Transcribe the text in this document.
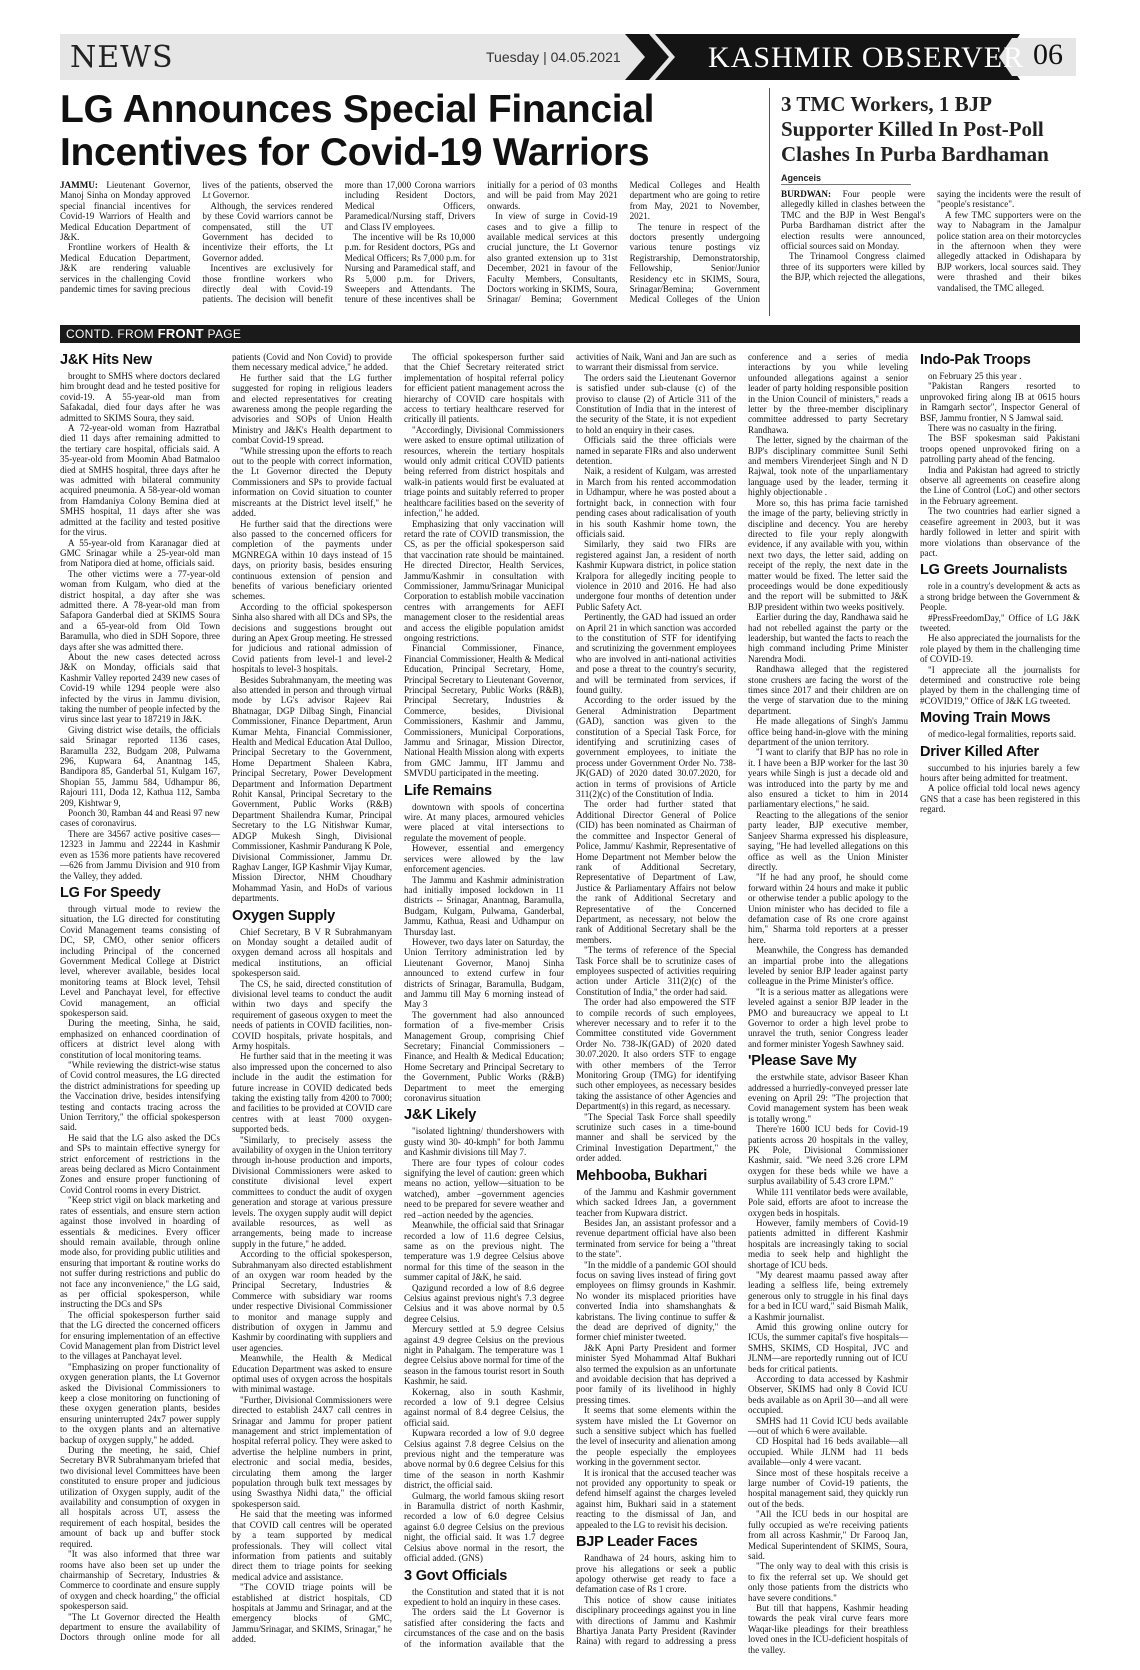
NEWS	Tuesday | 04.05.2021	KASHMIR OBSERVER 06
LG Announces Special Financial Incentives for Covid-19 Warriors

JAMMU: Lieutenant Governor, Manoj Sinha on Monday approved special financial incentives for Covid-19 Warriors of Health and Medical Education Department of J&K.

Frontline workers of Health & Medical Education Department, J&K are rendering valuable services in the challenging Covid pandemic times for saving precious lives of the patients, observed the Lt Governor.

Although, the services rendered by these Covid warriors cannot be compensated, still the UT Government has decided to incentivize their efforts, the Lt Governor added.

Incentives are exclusively for those frontline workers who directly deal with Covid-19 patients. The decision will benefit more than 17,000 Corona warriors including Resident Doctors, Medical Officers, Paramedical/Nursing staff, Drivers and Class IV employees.

The incentive will be Rs 10,000 p.m. for Resident doctors, PGs and Medical Officers; Rs 7,000 p.m. for Nursing and Paramedical staff, and Rs 5,000 p.m. for Drivers, Sweepers and Attendants. The tenure of these incentives shall be initially for a period of 03 months and will be paid from May 2021 onwards.

In view of surge in Covid-19 cases and to give a fillip to available medical services at this crucial juncture, the Lt Governor also granted extension up to 31st December, 2021 in favour of the Faculty Members, Consultants, Doctors working in SKIMS, Soura, Srinagar/ Bemina; Government Medical Colleges and Health department who are going to retire from May, 2021 to November, 2021.

The tenure in respect of the doctors presently undergoing various tenure postings viz Registrarship, Demonstratorship, Fellowship, Senior/Junior Residency etc in SKIMS, Soura, Srinagar/Bemina; Government Medical Colleges of the Union

3 TMC Workers, 1 BJP Supporter Killed In Post-Poll Clashes In Purba Bardhaman
Agenceis

BURDWAN: Four people were allegedly killed in clashes between the TMC and the BJP in West Bengal's Purba Bardhaman district after the election results were announced, official sources said on Monday.

The Trinamool Congress claimed three of its supporters were killed by the BJP, which rejected the allegations, saying the incidents were the result of "people's resistance".

A few TMC supporters were on the way to Nabagram in the Jamalpur police station area on their motorcycles in the afternoon when they were allegedly attacked in Odishapara by BJP workers, local sources said. They were thrashed and their bikes vandalised, the TMC alleged.

CONTD. FROM FRONT PAGE
J&K Hits New

brought to SMHS where doctors declared him brought dead and he tested positive for covid-19. A 55-year-old man from Safakadal, died four days after he was admitted to SKIMS Soura, they said.

A 72-year-old woman from Hazratbal died 11 days after remaining admitted to the tertiary care hospital, officials said. A 35-year-old from Moomin Abad Batmaloo died at SMHS hospital, three days after he was admitted with bilateral community acquired pneumonia. A 58-year-old woman from Hamdaniya Colony Bemina died at SMHS hospital, 11 days after she was admitted at the facility and tested positive for the virus.

A 55-year-old from Karanagar died at GMC Srinagar while a 25-year-old man from Natipora died at home, officials said.

The other victims were a 77-year-old woman from Kulgam, who died at the district hospital, a day after she was admitted there. A 78-year-old man from Safapora Ganderbal died at SKIMS Soura and a 65-year-old from Old Town Baramulla, who died in SDH Sopore, three days after she was admitted there.

About the new cases detected across J&K on Monday, officials said that Kashmir Valley reported 2439 new cases of Covid-19 while 1294 people were also infected by the virus in Jammu division, taking the number of people infected by the virus since last year to 187219 in J&K.

Giving district wise details, the officials said Srinagar reported 1136 cases, Baramulla 232, Budgam 208, Pulwama 296, Kupwara 64, Anantnag 145, Bandipora 85, Ganderbal 51, Kulgam 167, Shopian 55, Jammu 584, Udhampur 86, Rajouri 111, Doda 12, Kathua 112, Samba 209, Kishtwar 9,

Poonch 30, Ramban 44 and Reasi 97 new cases of coronavirus.

There are 34567 active positive cases—12323 in Jammu and 22244 in Kashmir even as 1536 more patients have recovered—626 from Jammu Division and 910 from the Valley, they added.

LG For Speedy

through virtual mode to review the situation, the LG directed for constituting Covid Management teams consisting of DC, SP, CMO, other senior officers including Principal of the concerned Government Medical College at District level, wherever available, besides local monitoring teams at Block level, Tehsil Level and Panchayat level, for effective Covid management, an official spokesperson said.

During the meeting, Sinha, he said, emphasized on enhanced coordination of officers at district level along with constitution of local monitoring teams.

"While reviewing the district-wise status of Covid control measures, the LG directed the district administrations for speeding up the Vaccination drive, besides intensifying testing and contacts tracing across the Union Territory," the official spokesperson said.

He said that the LG also asked the DCs and SPs to maintain effective synergy for strict enforcement of restrictions in the areas being declared as Micro Containment Zones and ensure proper functioning of Covid Control rooms in every District.

"Keep strict vigil on black marketing and rates of essentials, and ensure stern action against those involved in hoarding of essentials & medicines. Every officer should remain available, through online mode also, for providing public utilities and ensuring that important & routine works do not suffer during restrictions and public do not face any inconvenience," the LG said, as per official spokesperson, while instructing the DCs and SPs

The official spokesperson further said that the LG directed the concerned officers for ensuring implementation of an effective Covid Management plan from District level to the villages at Panchayat level.

"Emphasizing on proper functionality of oxygen generation plants, the Lt Governor asked the Divisional Commissioners to keep a close monitoring on functioning of these oxygen generation plants, besides ensuring uninterrupted 24x7 power supply to the oxygen plants and an alternative backup of oxygen supply," he added.

During the meeting, he said, Chief Secretary BVR Subrahmanyam briefed that two divisional level Committees have been constituted to ensure proper and judicious utilization of Oxygen supply, audit of the availability and consumption of oxygen in all hospitals across UT, assess the requirement of each hospital, besides the amount of back up and buffer stock required.

"It was also informed that three war rooms have also been set up under the chairmanship of Secretary, Industries & Commerce to coordinate and ensure supply of oxygen and check hoarding," the official spokesperson said.

"The Lt Governor directed the Health department to ensure the availability of Doctors through online mode for all patients (Covid and Non Covid) to provide them necessary medical advice," he added.

He further said that the LG further suggested for roping in religious leaders and elected representatives for creating awareness among the people regarding the advisories and SOPs of Union Health Ministry and J&K's Health department to combat Covid-19 spread.

"While stressing upon the efforts to reach out to the people with correct information, the Lt Governor directed the Deputy Commissioners and SPs to provide factual information on Covid situation to counter miscreants at the District level itself," he added.

He further said that the directions were also passed to the concerned officers for completion of the payments under MGNREGA within 10 days instead of 15 days, on priority basis, besides ensuring continuous extension of pension and benefits of various beneficiary oriented schemes.

According to the official spokesperson Sinha also shared with all DCs and SPs, the decisions and suggestions brought out during an Apex Group meeting. He stressed for judicious and rational admission of Covid patients from level-1 and level-2 hospitals to level-3 hospitals.

Besides Subrahmanyam, the meeting was also attended in person and through virtual mode by LG's advisor Rajeev Rai Bhatnagar, DGP Dilbag Singh, Financial Commissioner, Finance Department, Arun Kumar Mehta, Financial Commissioner, Health and Medical Education Atal Dulloo, Principal Secretary to the Government, Home Department Shaleen Kabra, Principal Secretary, Power Development Department and Information Department Rohit Kansal, Principal Secretary to the Government, Public Works (R&B) Department Shailendra Kumar, Principal Secretary to the LG Nitishwar Kumar, ADGP Mukesh Singh, Divisional Commissioner, Kashmir Pandurang K Pole, Divisional Commissioner, Jammu Dr. Raghav Langer, IGP Kashmir Vijay Kumar, Mission Director, NHM Choudhary Mohammad Yasin, and HoDs of various departments.

Oxygen Supply

Chief Secretary, B V R Subrahmanyam on Monday sought a detailed audit of oxygen demand across all hospitals and medical institutions, an official spokesperson said.

The CS, he said, directed constitution of divisional level teams to conduct the audit within two days and specify the requirement of gaseous oxygen to meet the needs of patients in COVID facilities, non-COVID hospitals, private hospitals, and Army hospitals.

He further said that in the meeting it was also impressed upon the concerned to also include in the audit the estimation for future increase in COVID dedicated beds taking the existing tally from 4200 to 7000; and facilities to be provided at COVID care centres with at least 7000 oxygen-supported beds.

"Similarly, to precisely assess the availability of oxygen in the Union territory through in-house production and imports, Divisional Commissioners were asked to constitute divisional level expert committees to conduct the audit of oxygen generation and storage at various pressure levels. The oxygen supply audit will depict available resources, as well as arrangements, being made to increase supply in the future," he added.

According to the official spokesperson, Subrahmanyam also directed establishment of an oxygen war room headed by the Principal Secretary, Industries & Commerce with subsidiary war rooms under respective Divisional Commissioner to monitor and manage supply and distribution of oxygen in Jammu and Kashmir by coordinating with suppliers and user agencies.

Meanwhile, the Health & Medical Education Department was asked to ensure optimal uses of oxygen across the hospitals with minimal wastage.

"Further, Divisional Commissioners were directed to establish 24X7 call centres in Srinagar and Jammu for proper patient management and strict implementation of hospital referral policy. They were asked to advertise the helpline numbers in print, electronic and social media, besides, circulating them among the larger population through bulk text messages by using Swasthya Nidhi data," the official spokesperson said.

He said that the meeting was informed that COVID call centres will be operated by a team supported by medical professionals. They will collect vital information from patients and suitably direct them to triage points for seeking medical advice and assistance.

"The COVID triage points will be established at district hospitals, CD hospitals at Jammu and Srinagar, and at the emergency blocks of GMC, Jammu/Srinagar, and SKIMS, Srinagar," he added.

The official spokesperson further said that the Chief Secretary reiterated strict implementation of hospital referral policy for efficient patient management across the hierarchy of COVID care hospitals with access to tertiary healthcare reserved for critically ill patients.

"Accordingly, Divisional Commissioners were asked to ensure optimal utilization of resources, wherein the tertiary hospitals would only admit critical COVID patients being referred from district hospitals and walk-in patients would first be evaluated at triage points and suitably referred to proper healthcare facilities based on the severity of infection," he added.

Emphasizing that only vaccination will retard the rate of COVID transmission, the CS, as per the official spokesperson said that vaccination rate should be maintained. He directed Director, Health Services, Jammu/Kashmir in consultation with Commissioner, Jammu/Srinagar Municipal Corporation to establish mobile vaccination centres with arrangements for AEFI management closer to the residential areas and access the eligible population amidst ongoing restrictions.

Financial Commissioner, Finance, Financial Commissioner, Health & Medical Education, Principal Secretary, Home, Principal Secretary to Lieutenant Governor, Principal Secretary, Public Works (R&B), Principal Secretary, Industries & Commerce, besides, Divisional Commissioners, Kashmir and Jammu, Commissioners, Municipal Corporations, Jammu and Srinagar, Mission Director, National Health Mission along with experts from GMC Jammu, IIT Jammu and SMVDU participated in the meeting.

Life Remains

downtown with spools of concertina wire. At many places, armoured vehicles were placed at vital intersections to regulate the movement of people.

However, essential and emergency services were allowed by the law enforcement agencies.

The Jammu and Kashmir administration had initially imposed lockdown in 11 districts -- Srinagar, Anantnag, Baramulla, Budgam, Kulgam, Pulwama, Ganderbal, Jammu, Kathua, Reasi and Udhampur on Thursday last.

However, two days later on Saturday, the Union Territory administration led by Lieutenant Governor, Manoj Sinha announced to extend curfew in four districts of Srinagar, Baramulla, Budgam, and Jammu till May 6 morning instead of May 3

The government had also announced formation of a five-member Crisis Management Group, comprising Chief Secretary; Financial Commissioners – Finance, and Health & Medical Education; Home Secretary and Principal Secretary to the Government, Public Works (R&B) Department to meet the emerging coronavirus situation

J&K Likely

"isolated lightning/ thundershowers with gusty wind 30- 40-kmph" for both Jammu and Kashmir divisions till May 7.

There are four types of colour codes signifying the level of caution: green which means no action, yellow—situation to be watched), amber –government agencies need to be prepared for severe weather and red –action needed by the agencies.

Meanwhile, the official said that Srinagar recorded a low of 11.6 degree Celsius, same as on the previous night. The temperature was 1.9 degree Celsius above normal for this time of the season in the summer capital of J&K, he said.

Qazigund recorded a low of 8.6 degree Celsius against previous night's 7.3 degree Celsius and it was above normal by 0.5 degree Celsius.

Mercury settled at 5.9 degree Celsius against 4.9 degree Celsius on the previous night in Pahalgam. The temperature was 1 degree Celsius above normal for time of the season in the famous tourist resort in South Kashmir, he said.

Kokernag, also in south Kashmir, recorded a low of 9.1 degree Celsius against normal of 8.4 degree Celsius, the official said.

Kupwara recorded a low of 9.0 degree Celsius against 7.8 degree Celsius on the previous night and the temperature was above normal by 0.6 degree Celsius for this time of the season in north Kashmir district, the official said.

Gulmarg, the world famous skiing resort in Baramulla district of north Kashmir, recorded a low of 6.0 degree Celsius against 6.0 degree Celsius on the previous night, the official said. It was 1.7 degree Celsius above normal in the resort, the official added. (GNS)

3 Govt Officials

the Constitution and stated that it is not expedient to hold an inquiry in these cases.

The orders said the Lt Governor is satisfied after considering the facts and circumstances of the case and on the basis of the information available that the activities of Naik, Wani and Jan are such as to warrant their dismissal from service.

The orders said the Lieutenant Governor is satisfied under sub-clause (c) of the proviso to clause (2) of Article 311 of the Constitution of India that in the interest of the security of the State, it is not expedient to hold an enquiry in their cases.

Officials said the three officials were named in separate FIRs and also underwent detention.

Naik, a resident of Kulgam, was arrested in March from his rented accommodation in Udhampur, where he was posted about a fortnight back, in connection with four pending cases about radicalisation of youth in his south Kashmir home town, the officials said.

Similarly, they said two FIRs are registered against Jan, a resident of north Kashmir Kupwara district, in police station Kralpora for allegedly inciting people to violence in 2010 and 2016. He had also undergone four months of detention under Public Safety Act.

Pertinently, the GAD had issued an order on April 21 in which sanction was accorded to the constitution of STF for identifying and scrutinizing the government employees who are involved in anti-national activities and pose a threat to the country's security, and will be terminated from services, if found guilty.

According to the order issued by the General Administration Department (GAD), sanction was given to the constitution of a Special Task Force, for identifying and scrutinizing cases of government employees, to initiate the process under Government Order No. 738-JK(GAD) of 2020 dated 30.07.2020, for action in terms of provisions of Article 311(2)(c) of the Constitution of India.

The order had further stated that Additional Director General of Police (CID) has been nominated as Chairman of the committee and Inspector General of Police, Jammu/ Kashmir, Representative of Home Department not Member below the rank of Additional Secretary, Representative of Department of Law, Justice & Parliamentary Affairs not below the rank of Additional Secretary and Representative of the Concerned Department, as necessary, not below the rank of Additional Secretary shall be the members.

"The terms of reference of the Special Task Force shall be to scrutinize cases of employees suspected of activities requiring action under Article 311(2)(c) of the Constitution of India," the order had said.

The order had also empowered the STF to compile records of such employees, wherever necessary and to refer it to the Committee constituted vide Government Order No. 738-JK(GAD) of 2020 dated 30.07.2020. It also orders STF to engage with other members of the Terror Monitoring Group (TMG) for identifying such other employees, as necessary besides taking the assistance of other Agencies and Department(s) in this regard, as necessary.

"The Special Task Force shall speedily scrutinize such cases in a time-bound manner and shall be serviced by the Criminal Investigation Department," the order added.

Mehbooba, Bukhari

of the Jammu and Kashmir government which sacked Idrees Jan, a government teacher from Kupwara district.

Besides Jan, an assistant professor and a revenue department official have also been terminated from service for being a "threat to the state".

"In the middle of a pandemic GOI should focus on saving lives instead of firing govt employees on flimsy grounds in Kashmir. No wonder its misplaced priorities have converted India into shamshanghats & kabristans. The living continue to suffer & the dead are deprived of dignity," the former chief minister tweeted.

J&K Apni Party President and former minister Syed Mohammad Altaf Bukhari also termed the expulsion as an unfortunate and avoidable decision that has deprived a poor family of its livelihood in highly pressing times.

It seems that some elements within the system have misled the Lt Governor on such a sensitive subject which has fuelled the level of insecurity and alienation among the people especially the employees working in the government sector.

It is ironical that the accused teacher was not provided any opportunity to speak or defend himself against the charges leveled against him, Bukhari said in a statement reacting to the dismissal of Jan, and appealed to the LG to revisit his decision.

BJP Leader Faces

Randhawa of 24 hours, asking him to prove his allegations or seek a public apology otherwise get ready to face a defamation case of Rs 1 crore.

This notice of show cause initiates disciplinary proceedings against you in line with directions of Jammu and Kashmir Bhartiya Janata Party President (Ravinder Raina) with regard to addressing a press conference and a series of media interactions by you while leveling unfounded allegations against a senior leader of party holding responsible position in the Union Council of ministers," reads a letter by the three-member disciplinary committee addressed to party Secretary Randhawa.

The letter, signed by the chairman of the BJP's disciplinary committee Sunil Sethi and members Virenderjeet Singh and N D Rajwal, took note of the unparliamentary language used by the leader, terming it highly objectionable .

More so, this has prima facie tarnished the image of the party, believing strictly in discipline and decency. You are hereby directed to file your reply alongwith evidence, if any available with you, within next two days, the letter said, adding on receipt of the reply, the next date in the matter would be fixed. The letter said the proceedings would be done expeditiously and the report will be submitted to J&K BJP president within two weeks positively.

Earlier during the day, Randhawa said he had not rebelled against the party or the leadership, but wanted the facts to reach the high command including Prime Minister Narendra Modi.

Randhawa alleged that the registered stone crushers are facing the worst of the times since 2017 and their children are on the verge of starvation due to the mining department.

He made allegations of Singh's Jammu office being hand-in-glove with the mining department of the union territory.

"I want to clarify that BJP has no role in it. I have been a BJP worker for the last 30 years while Singh is just a decade old and was introduced into the party by me and also ensured a ticket to him in 2014 parliamentary elections," he said.

Reacting to the allegations of the senior party leader, BJP executive member, Sanjeev Sharma expressed his displeasure, saying, "He had levelled allegations on this office as well as the Union Minister directly.

"If he had any proof, he should come forward within 24 hours and make it public or otherwise tender a public apology to the Union minister who has decided to file a defamation case of Rs one crore against him," Sharma told reporters at a presser here.

Meanwhile, the Congress has demanded an impartial probe into the allegations leveled by senior BJP leader against party colleague in the Prime Minister's office.

"It is a serious matter as allegations were leveled against a senior BJP leader in the PMO and bureaucracy we appeal to Lt Governor to order a high level probe to unravel the truth, senior Congress leader and former minister Yogesh Sawhney said.

'Please Save My

the erstwhile state, advisor Baseer Khan addressed a hurriedly-conveyed presser late evening on April 29: "The projection that Covid management system has been weak is totally wrong."

There're 1600 ICU beds for Covid-19 patients across 20 hospitals in the valley, PK Pole, Divisional Commissioner Kashmir, said. "We need 3.26 crore LPM oxygen for these beds while we have a surplus availability of 5.43 crore LPM."

While 111 ventilator beds were available, Pole said, efforts are afoot to increase the oxygen beds in hospitals.

However, family members of Covid-19 patients admitted in different Kashmir hospitals are increasingly taking to social media to seek help and highlight the shortage of ICU beds.

"My dearest maamu passed away after leading a selfless life, being extremely generous only to struggle in his final days for a bed in ICU ward," said Bismah Malik, a Kashmir journalist.

Amid this growing online outcry for ICUs, the summer capital's five hospitals—SMHS, SKIMS, CD Hospital, JVC and JLNM—are reportedly running out of ICU beds for critical patients.

According to data accessed by Kashmir Observer, SKIMS had only 8 Covid ICU beds available as on April 30—and all were occupied.

SMHS had 11 Covid ICU beds available—out of which 6 were available.

CD Hospital had 16 beds available—all occupied. While JLNM had 11 beds available—only 4 were vacant.

Since most of these hospitals receive a large number of Covid-19 patients, the hospital management said, they quickly run out of the beds.

"All the ICU beds in our hospital are fully occupied as we're receiving patients from all across Kashmir," Dr Farooq Jan, Medical Superintendent of SKIMS, Soura, said.

"The only way to deal with this crisis is to fix the referral set up. We should get only those patients from the districts who have severe conditions."

But till that happens, Kashmir heading towards the peak viral curve fears more Waqar-like pleadings for their breathless loved ones in the ICU-deficient hospitals of the valley.

Indo-Pak Troops

on February 25 this year .

"Pakistan Rangers resorted to unprovoked firing along IB at 0615 hours in Ramgarh sector", Inspector General of BSF, Jammu frontier, N S Jamwal said.

There was no casualty in the firing.

The BSF spokesman said Pakistani troops opened unprovoked firing on a patrolling party ahead of the fencing.

India and Pakistan had agreed to strictly observe all agreements on ceasefire along the Line of Control (LoC) and other sectors in the February agreement.

The two countries had earlier signed a ceasefire agreement in 2003, but it was hardly followed in letter and spirit with more violations than observance of the pact.

LG Greets Journalists

role in a country's development & acts as a strong bridge between the Government & People.

#PressFreedomDay," Office of LG J&K tweeted.

He also appreciated the journalists for the role played by them in the challenging time of COVID-19.

"I appreciate all the journalists for determined and constructive role being played by them in the challenging time of #COVID19," Office of J&K LG tweeted.

Moving Train Mows

of medico-legal formalities, reports said.

Driver Killed After

succumbed to his injuries barely a few hours after being admitted for treatment.

A police official told local news agency GNS that a case has been registered in this regard.
